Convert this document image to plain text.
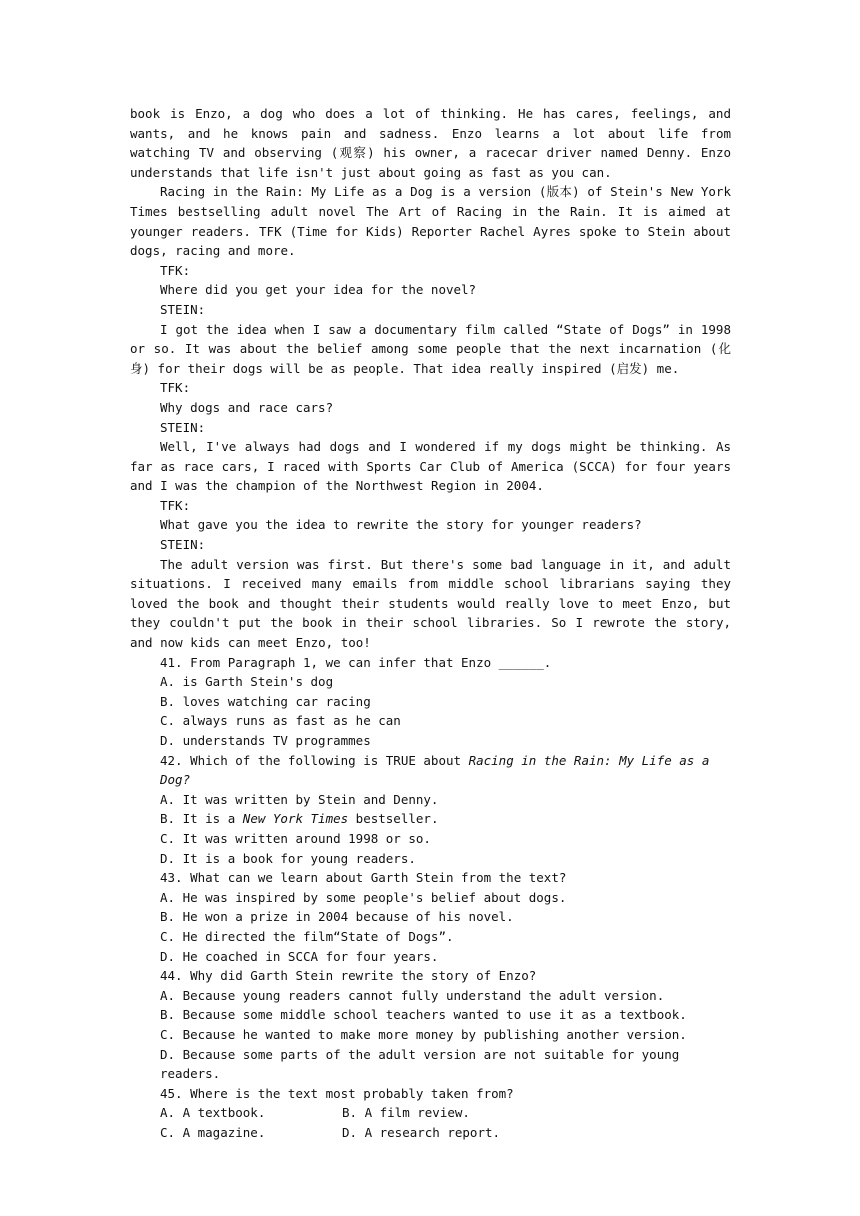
book is Enzo, a dog who does a lot of thinking. He has cares, feelings, and wants, and he knows pain and sadness. Enzo learns a lot about life from watching TV and observing (观察) his owner, a racecar driver named Denny. Enzo understands that life isn't just about going as fast as you can.

Racing in the Rain: My Life as a Dog is a version (版本) of Stein's New York Times bestselling adult novel The Art of Racing in the Rain. It is aimed at younger readers. TFK (Time for Kids) Reporter Rachel Ayres spoke to Stein about dogs, racing and more.

TFK:

Where did you get your idea for the novel?

STEIN:

I got the idea when I saw a documentary film called “State of Dogs” in 1998 or so. It was about the belief among some people that the next incarnation (化身) for their dogs will be as people. That idea really inspired (启发) me.

TFK:

Why dogs and race cars?

STEIN:

Well, I've always had dogs and I wondered if my dogs might be thinking. As far as race cars, I raced with Sports Car Club of America (SCCA) for four years and I was the champion of the Northwest Region in 2004.

TFK:

What gave you the idea to rewrite the story for younger readers?

STEIN:

The adult version was first. But there's some bad language in it, and adult situations. I received many emails from middle school librarians saying they loved the book and thought their students would really love to meet Enzo, but they couldn't put the book in their school libraries. So I rewrote the story, and now kids can meet Enzo, too!

41. From Paragraph 1, we can infer that Enzo ______.

A. is Garth Stein's dog

B. loves watching car racing

C. always runs as fast as he can

D. understands TV programmes

42. Which of the following is TRUE about Racing in the Rain: My Life as a Dog?

A. It was written by Stein and Denny.

B. It is a New York Times bestseller.

C. It was written around 1998 or so.

D. It is a book for young readers.

43. What can we learn about Garth Stein from the text?

A. He was inspired by some people's belief about dogs.

B. He won a prize in 2004 because of his novel.

C. He directed the film“State of Dogs”.

D. He coached in SCCA for four years.

44. Why did Garth Stein rewrite the story of Enzo?

A. Because young readers cannot fully understand the adult version.

B. Because some middle school teachers wanted to use it as a textbook.

C. Because he wanted to make more money by publishing another version.

D. Because some parts of the adult version are not suitable for young readers.

45. Where is the text most probably taken from?

A. A textbook.	B. A film review.
C. A magazine.	D. A research report.
